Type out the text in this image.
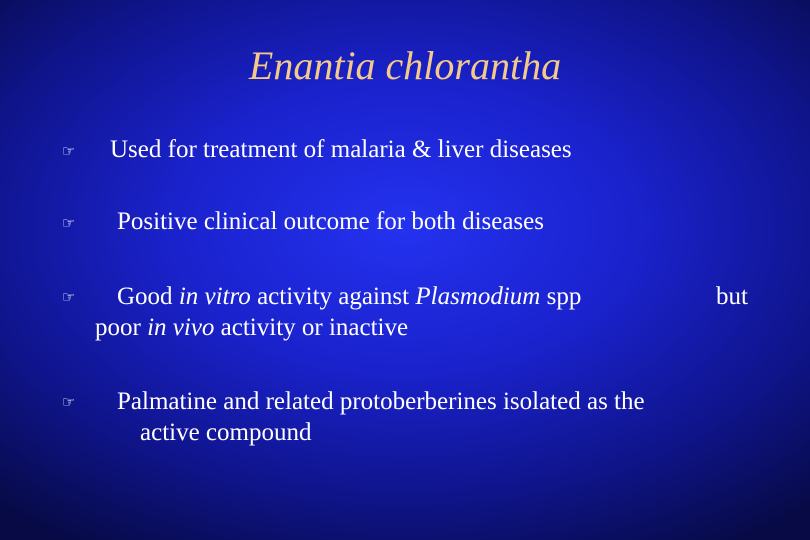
Enantia chlorantha
☞ Used for treatment of malaria & liver diseases
☞ Positive clinical outcome for both diseases
☞ Good in vitro activity against Plasmodium spp	but
poor in vivo activity or inactive
☞ Palmatine and related protoberberines isolated as the
active compound
